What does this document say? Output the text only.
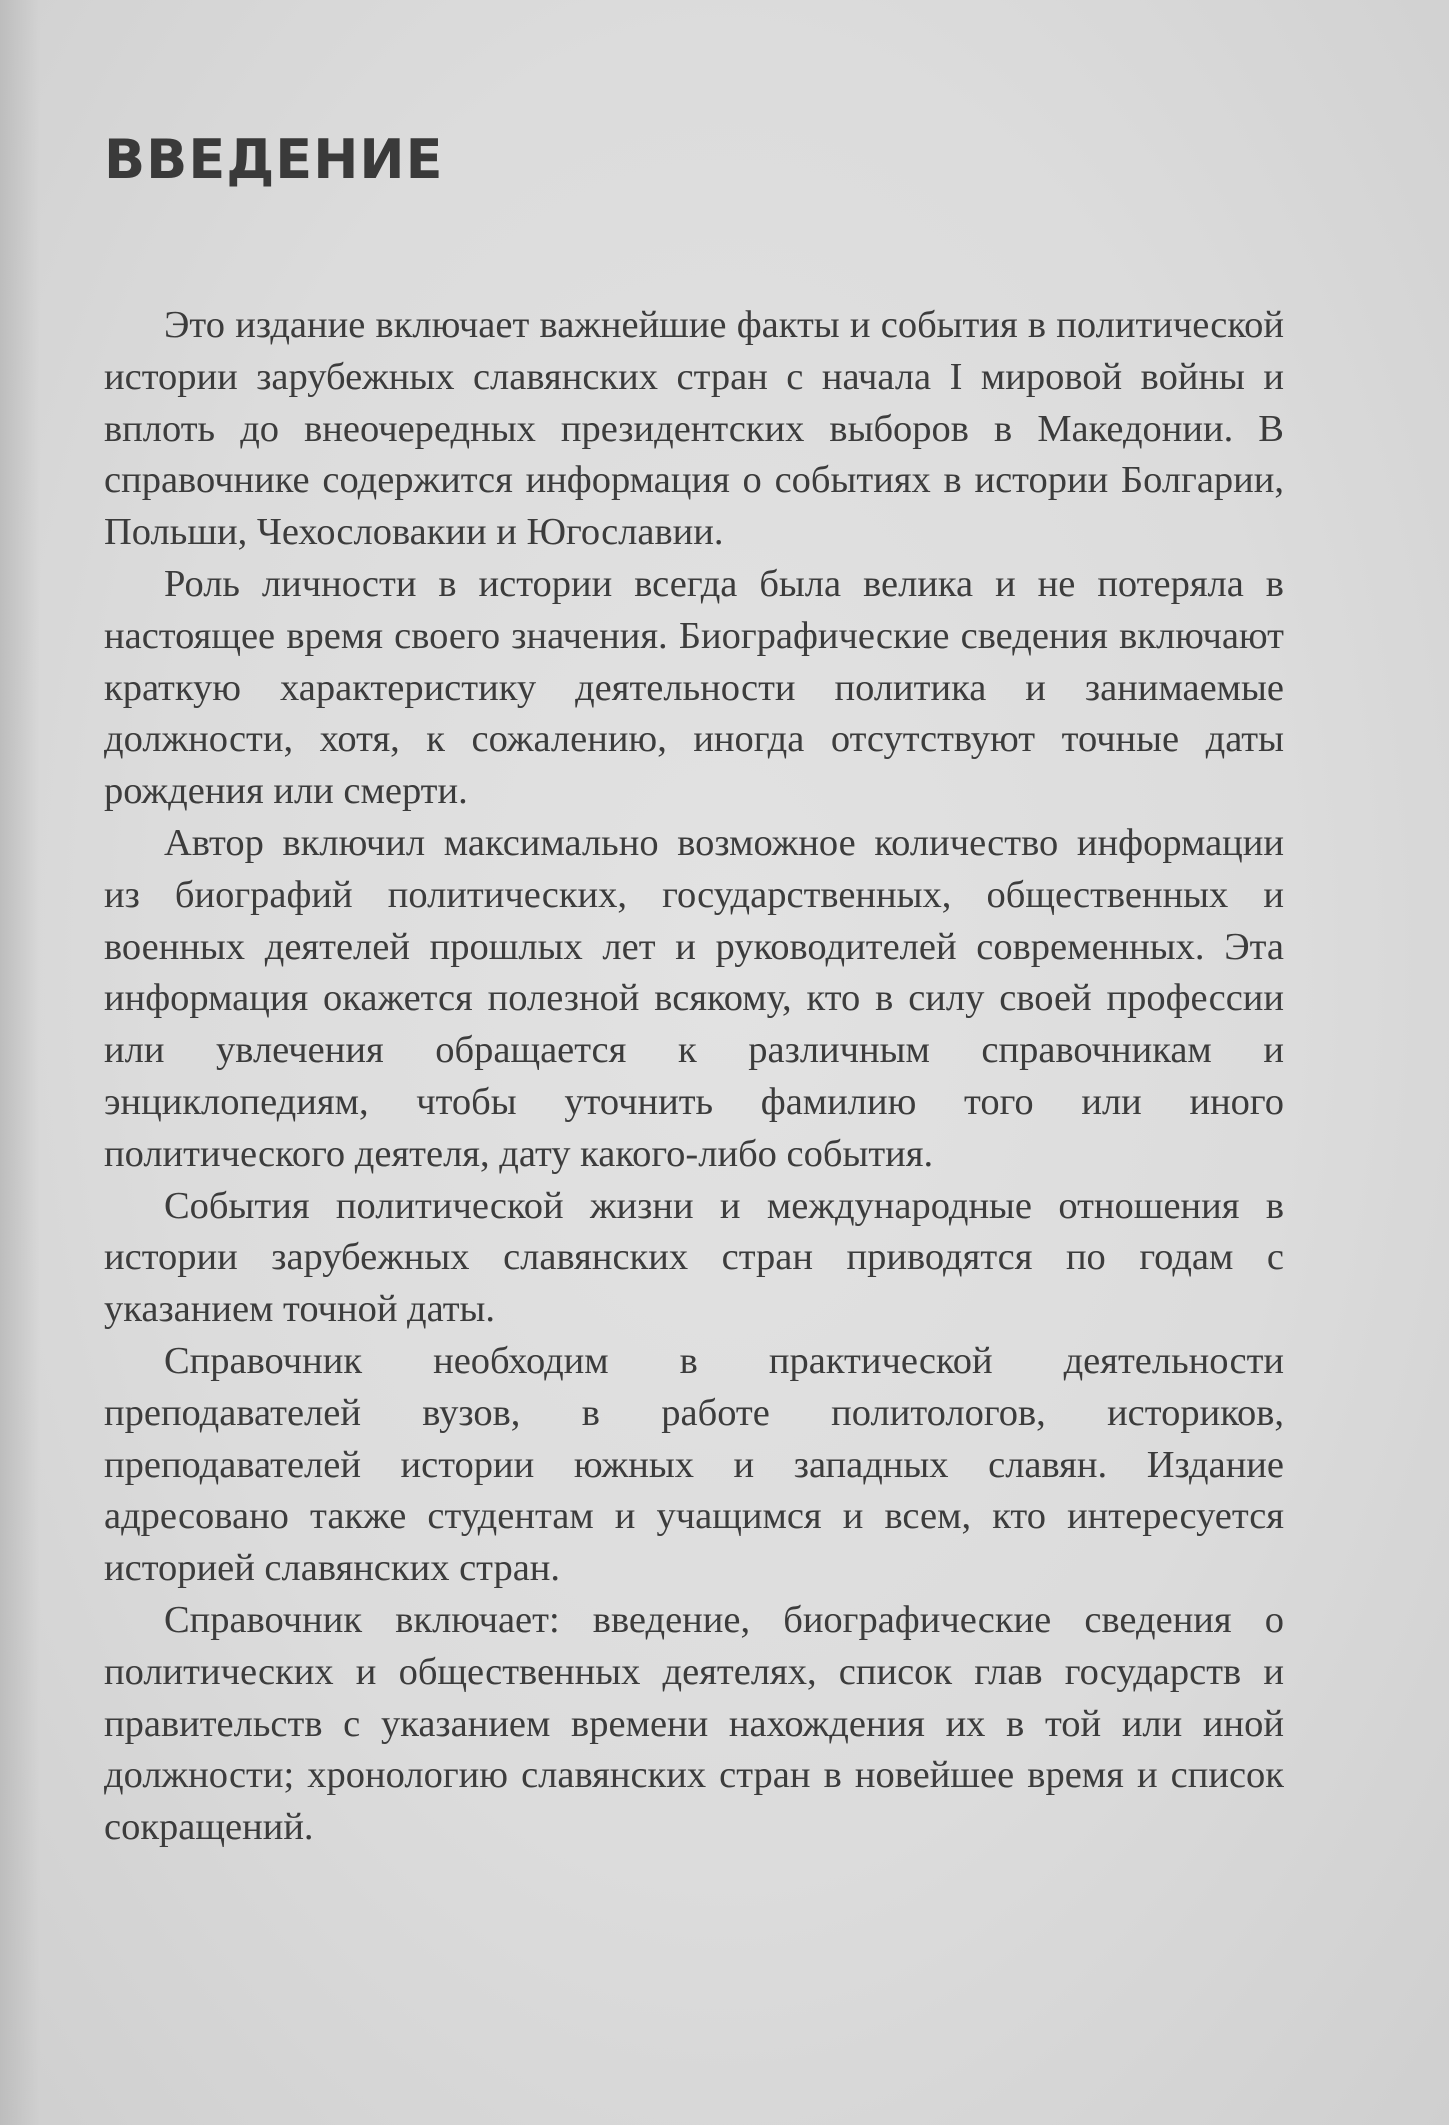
ВВЕДЕНИЕ

Это издание включает важнейшие факты и события в политической истории зарубежных славянских стран с начала I мировой войны и вплоть до внеочередных президентских выборов в Македонии. В справочнике содержится информация о событиях в истории Болгарии, Польши, Чехословакии и Югославии.

Роль личности в истории всегда была велика и не потеряла в настоящее время своего значения. Биографические сведения включают краткую характеристику деятельности политика и занимаемые должности, хотя, к сожалению, иногда отсутствуют точные даты рождения или смерти.

Автор включил максимально возможное количество информации из биографий политических, государственных, общественных и военных деятелей прошлых лет и руководителей современных. Эта информация окажется полезной всякому, кто в силу своей профессии или увлечения обращается к различным справочникам и энциклопедиям, чтобы уточнить фамилию того или иного политического деятеля, дату какого-либо события.

События политической жизни и международные отношения в истории зарубежных славянских стран приводятся по годам с указанием точной даты.

Справочник необходим в практической деятельности преподавателей вузов, в работе политологов, историков, преподавателей истории южных и западных славян. Издание адресовано также студентам и учащимся и всем, кто интересуется историей славянских стран.

Справочник включает: введение, биографические сведения о политических и общественных деятелях, список глав государств и правительств с указанием времени нахождения их в той или иной должности; хронологию славянских стран в новейшее время и список сокращений.
